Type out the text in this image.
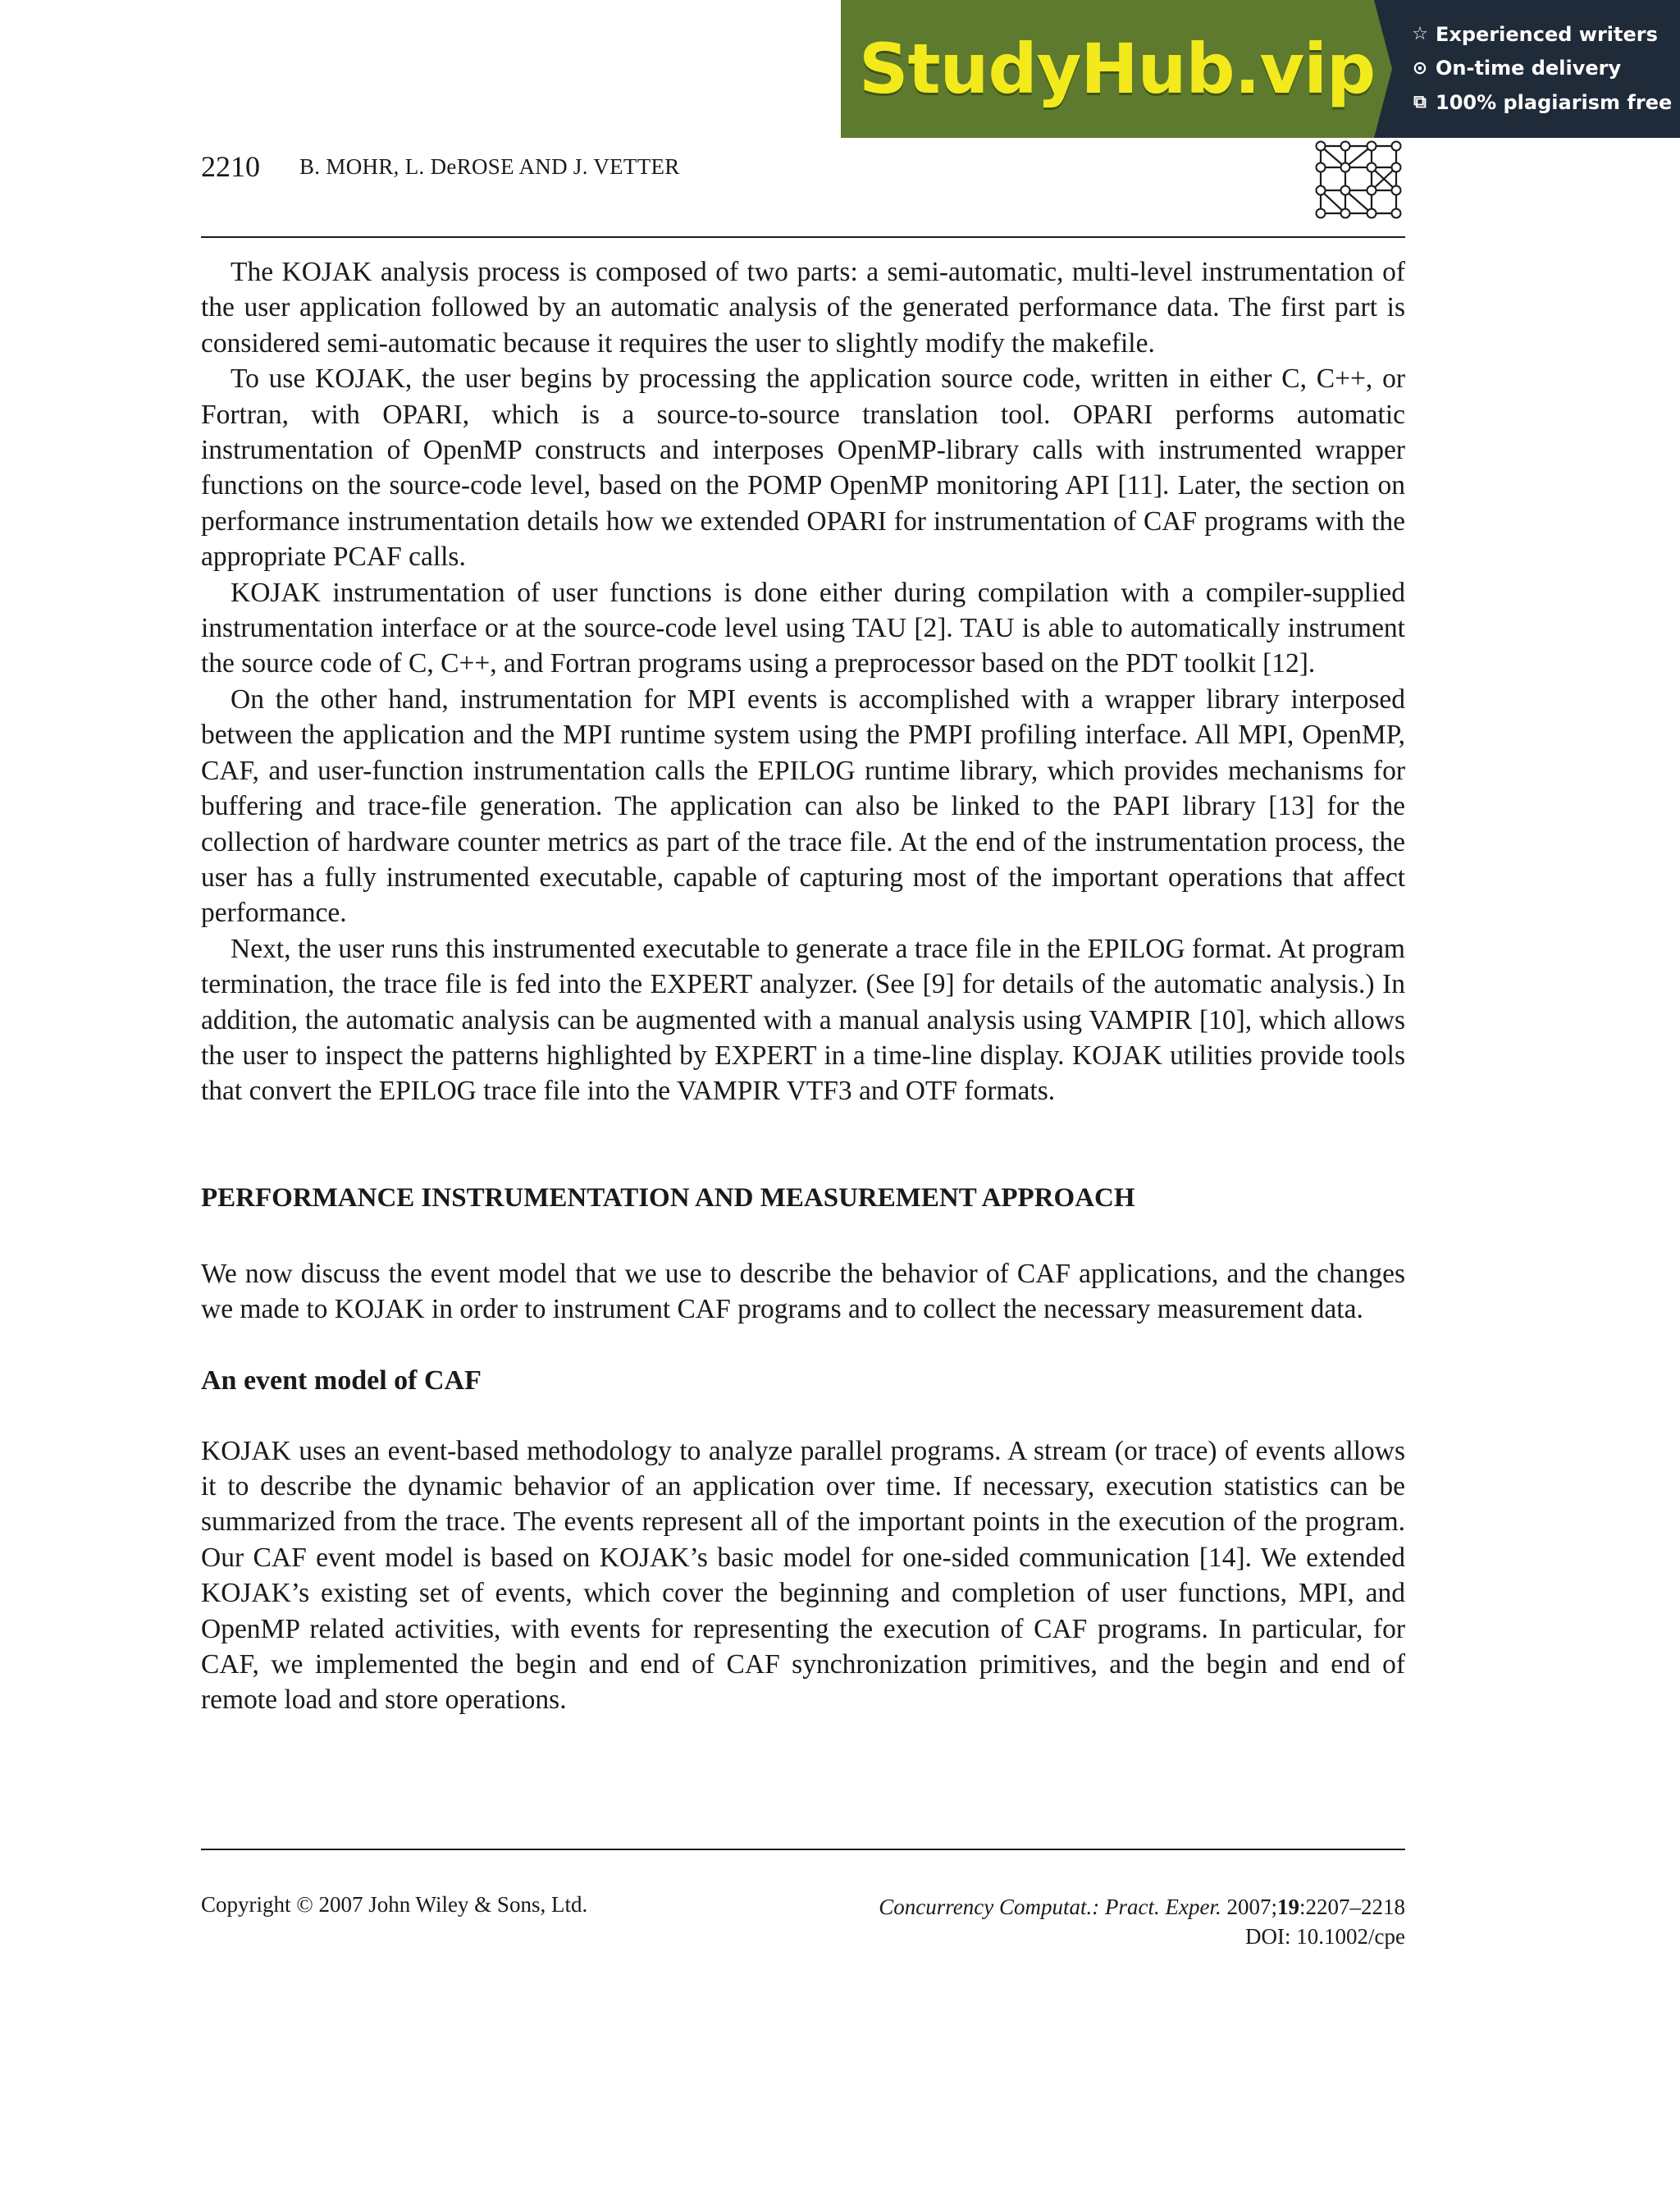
StudyHub.vip ☆ Experienced writers
⊙ On-time delivery
⧉ 100% plagiarism free
2210 B. MOHR, L. DeROSE AND J. VETTER

The KOJAK analysis process is composed of two parts: a semi-automatic, multi-level instrumentation of the user application followed by an automatic analysis of the generated performance data. The first part is considered semi-automatic because it requires the user to slightly modify the makefile.

To use KOJAK, the user begins by processing the application source code, written in either C, C++, or Fortran, with OPARI, which is a source-to-source translation tool. OPARI performs automatic instrumentation of OpenMP constructs and interposes OpenMP-library calls with instrumented wrapper functions on the source-code level, based on the POMP OpenMP monitoring API [11]. Later, the section on performance instrumentation details how we extended OPARI for instrumentation of CAF programs with the appropriate PCAF calls.

KOJAK instrumentation of user functions is done either during compilation with a compiler-supplied instrumentation interface or at the source-code level using TAU [2]. TAU is able to automatically instrument the source code of C, C++, and Fortran programs using a preprocessor based on the PDT toolkit [12].

On the other hand, instrumentation for MPI events is accomplished with a wrapper library interposed between the application and the MPI runtime system using the PMPI profiling interface. All MPI, OpenMP, CAF, and user-function instrumentation calls the EPILOG runtime library, which provides mechanisms for buffering and trace-file generation. The application can also be linked to the PAPI library [13] for the collection of hardware counter metrics as part of the trace file. At the end of the instrumentation process, the user has a fully instrumented executable, capable of capturing most of the important operations that affect performance.

Next, the user runs this instrumented executable to generate a trace file in the EPILOG format. At program termination, the trace file is fed into the EXPERT analyzer. (See [9] for details of the automatic analysis.) In addition, the automatic analysis can be augmented with a manual analysis using VAMPIR [10], which allows the user to inspect the patterns highlighted by EXPERT in a time-line display. KOJAK utilities provide tools that convert the EPILOG trace file into the VAMPIR VTF3 and OTF formats.

PERFORMANCE INSTRUMENTATION AND MEASUREMENT APPROACH

We now discuss the event model that we use to describe the behavior of CAF applications, and the changes we made to KOJAK in order to instrument CAF programs and to collect the necessary measurement data.

An event model of CAF

KOJAK uses an event-based methodology to analyze parallel programs. A stream (or trace) of events allows it to describe the dynamic behavior of an application over time. If necessary, execution statistics can be summarized from the trace. The events represent all of the important points in the execution of the program. Our CAF event model is based on KOJAK’s basic model for one-sided communication [14]. We extended KOJAK’s existing set of events, which cover the beginning and completion of user functions, MPI, and OpenMP related activities, with events for representing the execution of CAF programs. In particular, for CAF, we implemented the begin and end of CAF synchronization primitives, and the begin and end of remote load and store operations.

Copyright © 2007 John Wiley & Sons, Ltd.	Concurrency Computat.: Pract. Exper. 2007;19:2207–2218
DOI: 10.1002/cpe
